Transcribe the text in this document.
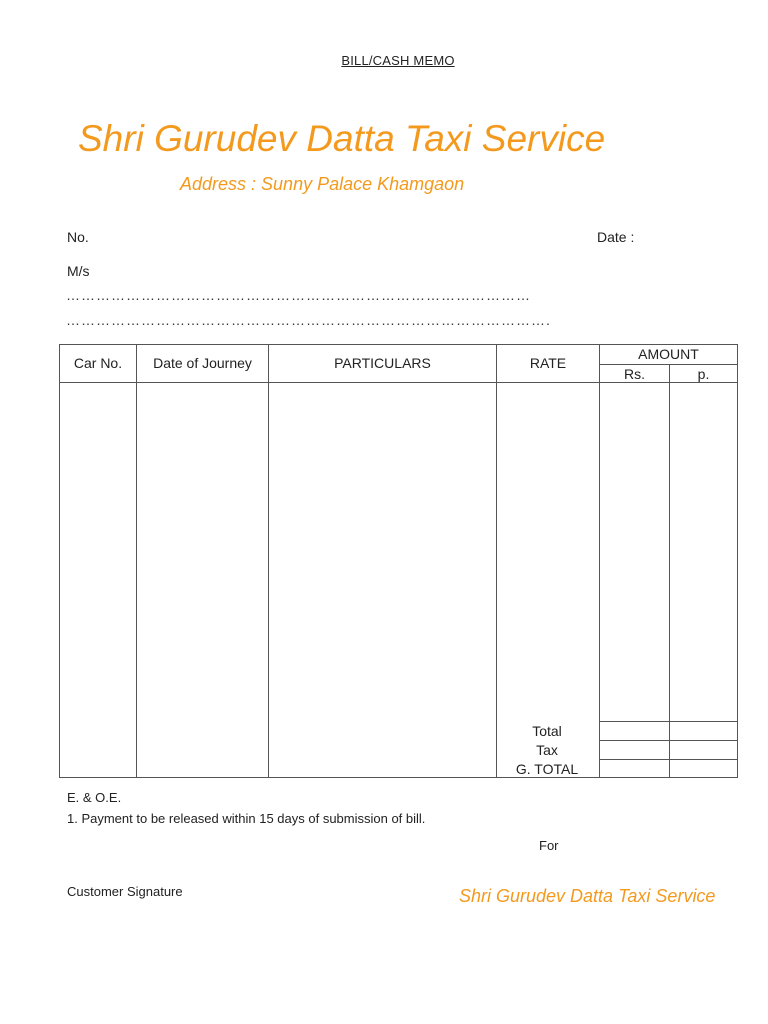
BILL/CASH MEMO
Shri Gurudev Datta Taxi Service
Address : Sunny Palace Khamgaon
No.	Date :
M/s
…………………………………………………………………………………
…………………………………………………………………………………….
Car No.	Date of Journey	PARTICULARS	RATE
AMOUNT
Rs.	p.
Total
Tax
G. TOTAL
E. & O.E.
1. Payment to be released within 15 days of submission of bill.
For
Customer Signature	Shri Gurudev Datta Taxi Service
